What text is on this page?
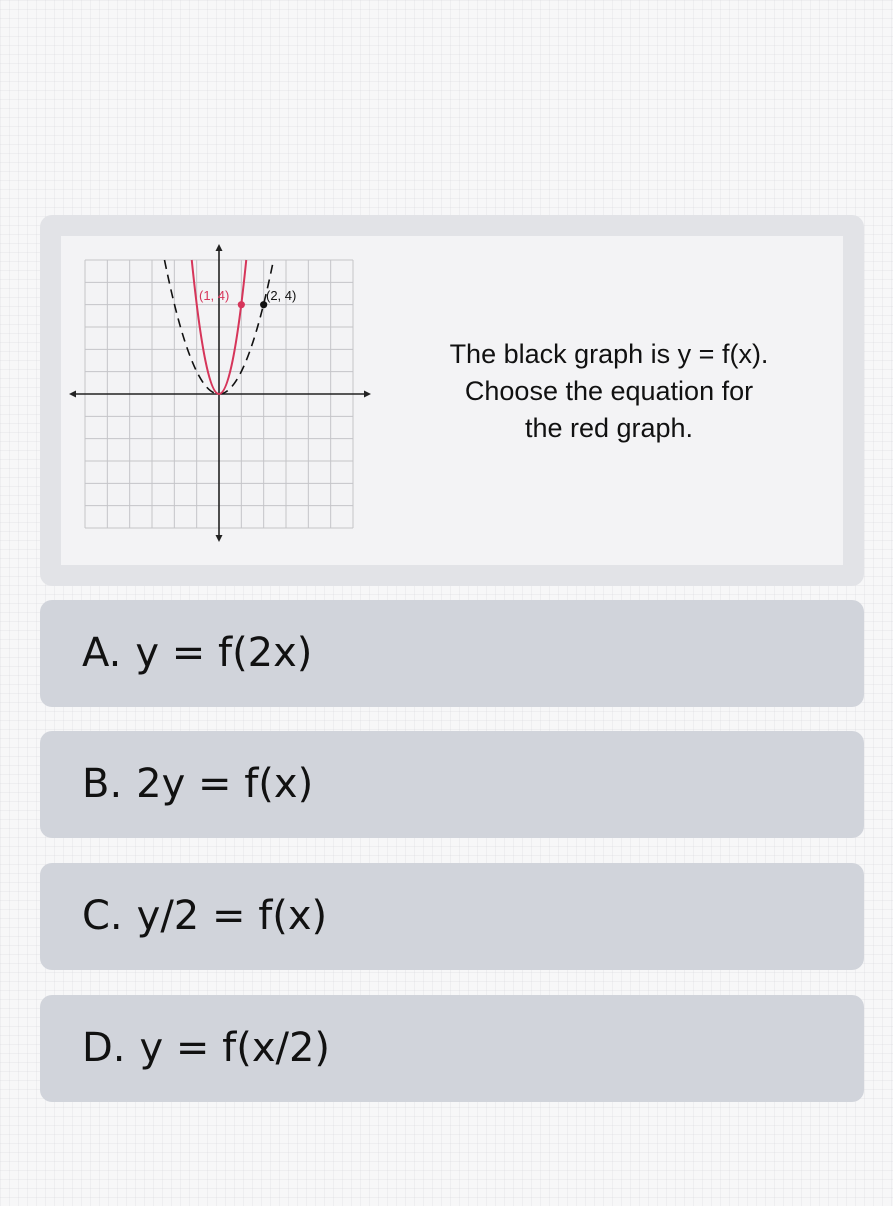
(1, 4)	(2, 4)
The black graph is y = f(x).
Choose the equation for
the red graph.
A. y = f(2x)
B. 2y = f(x)
C. y/2 = f(x)
D. y = f(x/2)
